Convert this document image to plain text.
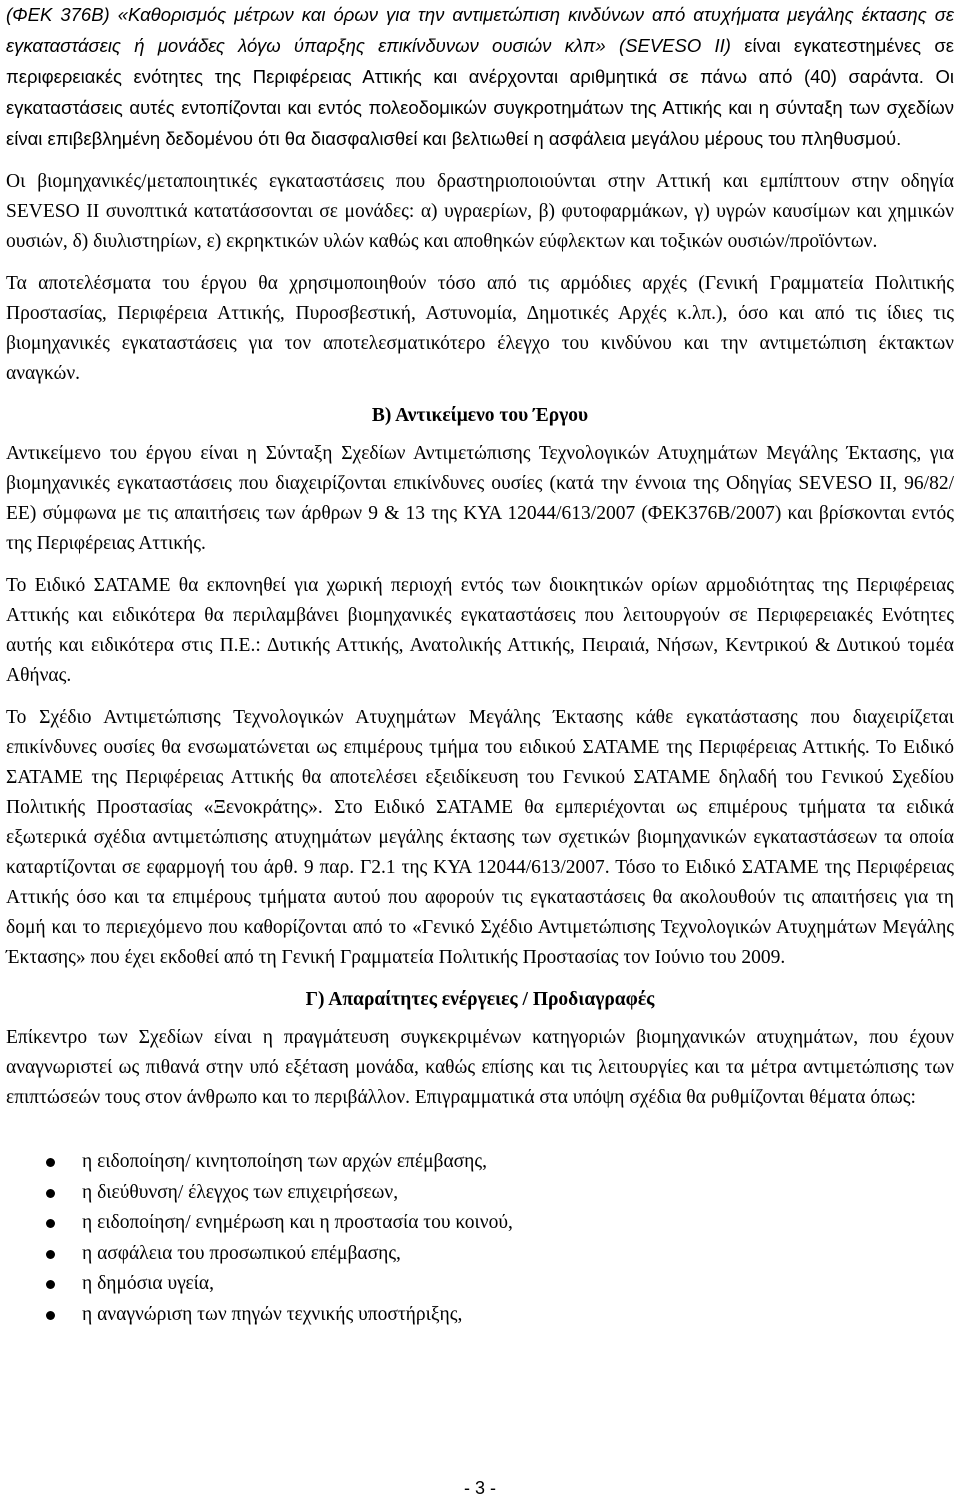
(ΦΕΚ 376Β) «Καθορισμός μέτρων και όρων για την αντιμετώπιση κινδύνων από ατυχήματα μεγάλης έκτασης σε εγκαταστάσεις ή μονάδες λόγω ύπαρξης επικίνδυνων ουσιών κλπ» (SEVESO ΙΙ) είναι εγκατεστημένες σε περιφερειακές ενότητες της Περιφέρειας Αττικής και ανέρχονται αριθμητικά σε πάνω από (40) σαράντα. Οι εγκαταστάσεις αυτές εντοπίζονται και εντός πολεοδομικών συγκροτημάτων της Αττικής και η σύνταξη των σχεδίων είναι επιβεβλημένη δεδομένου ότι θα διασφαλισθεί και βελτιωθεί η ασφάλεια μεγάλου μέρους του πληθυσμού.

Οι βιομηχανικές/μεταποιητικές εγκαταστάσεις που δραστηριοποιούνται στην Αττική και εμπίπτουν στην οδηγία SEVESO II συνοπτικά κατατάσσονται σε μονάδες: α) υγραερίων, β) φυτοφαρμάκων, γ) υγρών καυσίμων και χημικών ουσιών, δ) διυλιστηρίων, ε) εκρηκτικών υλών καθώς και αποθηκών εύφλεκτων και τοξικών ουσιών/προϊόντων.

Τα αποτελέσματα του έργου θα χρησιμοποιηθούν τόσο από τις αρμόδιες αρχές (Γενική Γραμματεία Πολιτικής Προστασίας, Περιφέρεια Αττικής, Πυροσβεστική, Αστυνομία, Δημοτικές Αρχές κ.λπ.), όσο και από τις ίδιες τις βιομηχανικές εγκαταστάσεις για τον αποτελεσματικότερο έλεγχο του κινδύνου και την αντιμετώπιση έκτακτων αναγκών.

Β) Αντικείμενο του Έργου

Αντικείμενο του έργου είναι η Σύνταξη Σχεδίων Αντιμετώπισης Τεχνολογικών Ατυχημάτων Μεγάλης Έκτασης, για βιομηχανικές εγκαταστάσεις που διαχειρίζονται επικίνδυνες ουσίες (κατά την έννοια της Οδηγίας SEVESO II, 96/82/ΕΕ) σύμφωνα με τις απαιτήσεις των άρθρων 9 & 13 της ΚΥΑ 12044/613/2007 (ΦΕΚ376Β/2007) και βρίσκονται εντός της Περιφέρειας Αττικής.

Το Ειδικό ΣΑΤΑΜΕ θα εκπονηθεί για χωρική περιοχή εντός των διοικητικών ορίων αρμοδιότητας της Περιφέρειας Αττικής και ειδικότερα θα περιλαμβάνει βιομηχανικές εγκαταστάσεις που λειτουργούν σε Περιφερειακές Ενότητες αυτής και ειδικότερα στις Π.Ε.: Δυτικής Αττικής, Ανατολικής Αττικής, Πειραιά, Νήσων, Κεντρικού & Δυτικού τομέα Αθήνας.

Το Σχέδιο Αντιμετώπισης Τεχνολογικών Ατυχημάτων Μεγάλης Έκτασης κάθε εγκατάστασης που διαχειρίζεται επικίνδυνες ουσίες θα ενσωματώνεται ως επιμέρους τμήμα του ειδικού ΣΑΤΑΜΕ της Περιφέρειας Αττικής. Το Ειδικό ΣΑΤΑΜΕ της Περιφέρειας Αττικής θα αποτελέσει εξειδίκευση του Γενικού ΣΑΤΑΜΕ δηλαδή του Γενικού Σχεδίου Πολιτικής Προστασίας «Ξενοκράτης». Στο Ειδικό ΣΑΤΑΜΕ θα εμπεριέχονται ως επιμέρους τμήματα τα ειδικά εξωτερικά σχέδια αντιμετώπισης ατυχημάτων μεγάλης έκτασης των σχετικών βιομηχανικών εγκαταστάσεων τα οποία καταρτίζονται σε εφαρμογή του άρθ. 9 παρ. Γ2.1 της ΚΥΑ 12044/613/2007. Τόσο το Ειδικό ΣΑΤΑΜΕ της Περιφέρειας Αττικής όσο και τα επιμέρους τμήματα αυτού που αφορούν τις εγκαταστάσεις θα ακολουθούν τις απαιτήσεις για τη δομή και το περιεχόμενο που καθορίζονται από το «Γενικό Σχέδιο Αντιμετώπισης Τεχνολογικών Ατυχημάτων Μεγάλης Έκτασης» που έχει εκδοθεί από τη Γενική Γραμματεία Πολιτικής Προστασίας τον Ιούνιο του 2009.

Γ) Απαραίτητες ενέργειες / Προδιαγραφές

Επίκεντρο των Σχεδίων είναι η πραγμάτευση συγκεκριμένων κατηγοριών βιομηχανικών ατυχημάτων, που έχουν αναγνωριστεί ως πιθανά στην υπό εξέταση μονάδα, καθώς επίσης και τις λειτουργίες και τα μέτρα αντιμετώπισης των επιπτώσεών τους στον άνθρωπο και το περιβάλλον. Επιγραμματικά στα υπόψη σχέδια θα ρυθμίζονται θέματα όπως:

η ειδοποίηση/ κινητοποίηση των αρχών επέμβασης,
η διεύθυνση/ έλεγχος των επιχειρήσεων,
η ειδοποίηση/ ενημέρωση και η προστασία του κοινού,
η ασφάλεια του προσωπικού επέμβασης,
η δημόσια υγεία,
η αναγνώριση των πηγών τεχνικής υποστήριξης,
- 3 -
